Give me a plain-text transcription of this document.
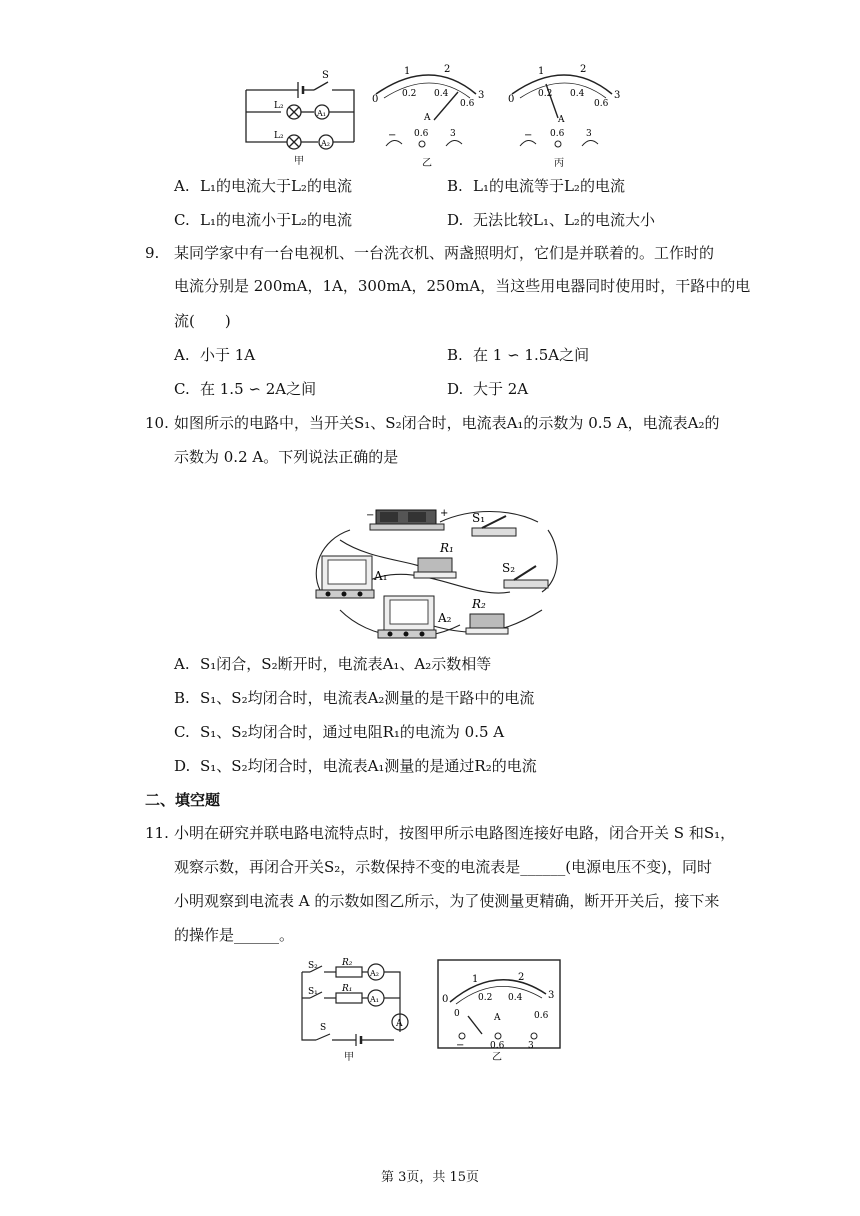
S
L₂
L₂
A₁
A₂
甲
0
1	2
3
0.2 0.4
0.6
A
− 0.6 3
乙
0
1	2
3
0.2 0.4
0.6
A
− 0.6 3
丙
A. L₁的电流大于L₂的电流	B. L₁的电流等于L₂的电流
C. L₁的电流小于L₂的电流	D. 无法比较L₁、L₂的电流大小
9. 某同学家中有一台电视机、一台洗衣机、两盏照明灯，它们是并联着的。工作时的
电流分别是 200mA，1A，300mA，250mA，当这些用电器同时使用时，干路中的电
流(　　)
A. 小于 1A	B. 在 1 ∽ 1.5A之间
C. 在 1.5 ∽ 2A之间	D. 大于 2A
10. 如图所示的电路中，当开关S₁、S₂闭合时，电流表A₁的示数为 0.5 A，电流表A₂的
示数为 0.2 A。下列说法正确的是
−	+ S₁
R₁
A₁
S₂
A₂
R₂
A. S₁闭合，S₂断开时，电流表A₁、A₂示数相等
B. S₁、S₂均闭合时，电流表A₂测量的是干路中的电流
C. S₁、S₂均闭合时，通过电阻R₁的电流为 0.5 A
D. S₁、S₂均闭合时，电流表A₁测量的是通过R₂的电流
二、填空题
11. 小明在研究并联电路电流特点时，按图甲所示电路图连接好电路，闭合开关 S 和S₁，
观察示数，再闭合开关S₂，示数保持不变的电流表是______(电源电压不变)，同时
小明观察到电流表 A 的示数如图乙所示，为了使测量更精确，断开开关后，接下来
的操作是______。
S₂	R₂
A₂
S₁	R₁
A₁
A
S
甲
0
1	2
3
0
0.2 0.4
0.6
A
−	0.6	3
乙
第 3页，共 15页
